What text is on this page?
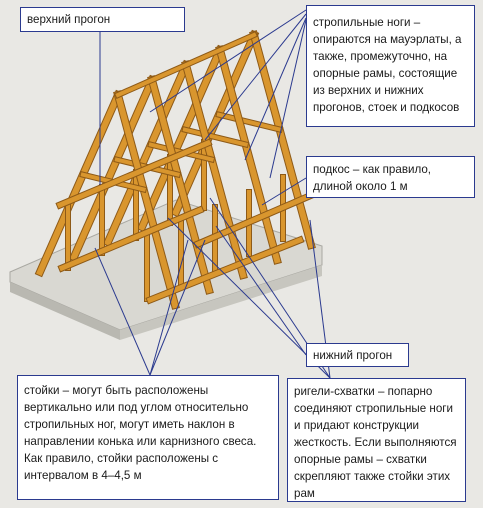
верхний прогон	стропильные ноги – опираются на мауэрлаты, а также, промежуточно, на опорные рамы, состоящие из верхних и нижних прогонов, стоек и подкосов
подкос – как правило, длиной около 1 м
нижний прогон
стойки – могут быть расположены вертикально или под углом относительно стропильных ног, могут иметь наклон в направлении конька или карнизного свеса. Как правило, стойки расположены с интервалом в 4–4,5 м
ригели-схватки – попарно соединяют стропильные ноги и придают конструкции жесткость. Если выполняются опорные рамы – схватки скрепляют также стойки этих рам
